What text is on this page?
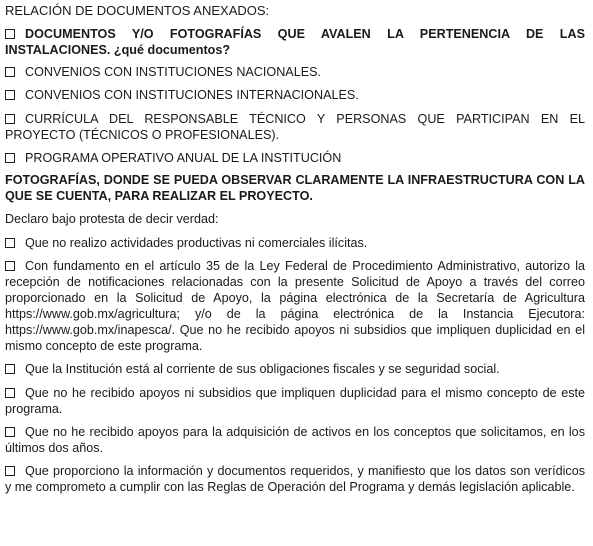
RELACIÓN DE DOCUMENTOS ANEXADOS:

DOCUMENTOS Y/O FOTOGRAFÍAS QUE AVALEN LA PERTENENCIA DE LAS INSTALACIONES. ¿qué documentos?

CONVENIOS CON INSTITUCIONES NACIONALES.

CONVENIOS CON INSTITUCIONES INTERNACIONALES.

CURRÍCULA DEL RESPONSABLE TÉCNICO Y PERSONAS QUE PARTICIPAN EN EL PROYECTO (TÉCNICOS O PROFESIONALES).

PROGRAMA OPERATIVO ANUAL DE LA INSTITUCIÓN

FOTOGRAFÍAS, DONDE SE PUEDA OBSERVAR CLARAMENTE LA INFRAESTRUCTURA CON LA QUE SE CUENTA, PARA REALIZAR EL PROYECTO.

Declaro bajo protesta de decir verdad:

Que no realizo actividades productivas ni comerciales ilícitas.

Con fundamento en el artículo 35 de la Ley Federal de Procedimiento Administrativo, autorizo la recepción de notificaciones relacionadas con la presente Solicitud de Apoyo a través del correo proporcionado en la Solicitud de Apoyo, la página electrónica de la Secretaría de Agricultura https://www.gob.mx/agricultura; y/o de la página electrónica de la Instancia Ejecutora: https://www.gob.mx/inapesca/. Que no he recibido apoyos ni subsidios que impliquen duplicidad en el mismo concepto de este programa.

Que la Institución está al corriente de sus obligaciones fiscales y se seguridad social.

Que no he recibido apoyos ni subsidios que impliquen duplicidad para el mismo concepto de este programa.

Que no he recibido apoyos para la adquisición de activos en los conceptos que solicitamos, en los últimos dos años.

Que proporciono la información y documentos requeridos, y manifiesto que los datos son verídicos y me comprometo a cumplir con las Reglas de Operación del Programa y demás legislación aplicable.
